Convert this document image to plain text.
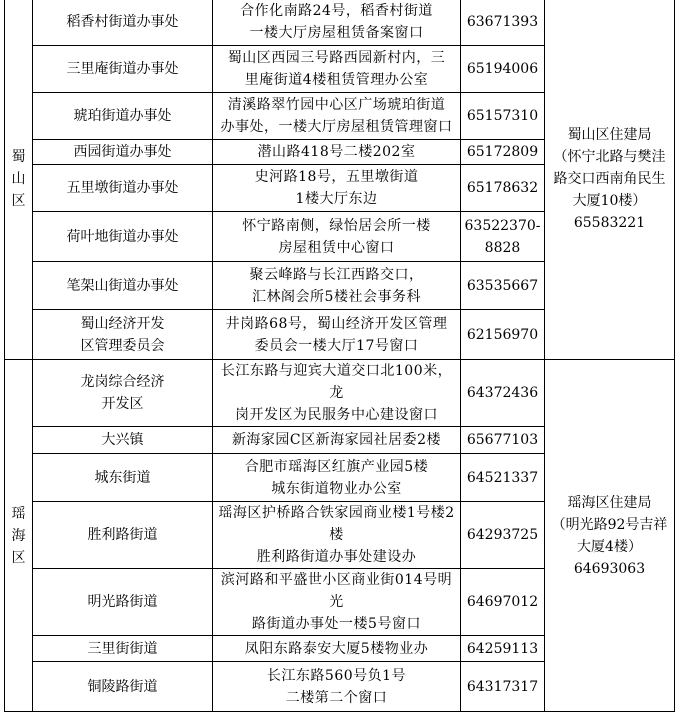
蜀
山
区	稻香村街道办事处	合作化南路24号，稻香村街道
一楼大厅房屋租赁备案窗口	63671393	蜀山区住建局
（怀宁北路与樊洼
路交口西南角民生
大厦10楼）
65583221

	三里庵街道办事处	蜀山区西园三号路西园新村内，三
里庵街道4楼租赁管理办公室	65194006	

	琥珀街道办事处	清溪路翠竹园中心区广场琥珀街道
办事处，一楼大厅房屋租赁管理窗口	65157310	

	西园街道办事处	潜山路418号二楼202室	65172809	

	五里墩街道办事处	史河路18号，五里墩街道
1楼大厅东边	65178632	

	荷叶地街道办事处	怀宁路南侧，绿怡居会所一楼
房屋租赁中心窗口	63522370-
8828	

	笔架山街道办事处	聚云峰路与长江西路交口，
汇林阁会所5楼社会事务科	63535667	

	蜀山经济开发
区管理委员会	井岗路68号，蜀山经济开发区管理
委员会一楼大厅17号窗口	62156970	

瑶
海
区	龙岗综合经济
开发区	长江东路与迎宾大道交口北100米，龙
岗开发区为民服务中心建设窗口	64372436	瑶海区住建局
（明光路92号吉祥
大厦4楼）
64693063

	大兴镇	新海家园C区新海家园社居委2楼	65677103	

	城东街道	合肥市瑶海区红旗产业园5楼
城东街道物业办公室	64521337	

	胜利路街道	瑶海区护桥路合铁家园商业楼1号楼2楼
胜利路街道办事处建设办	64293725	

	明光路街道	滨河路和平盛世小区商业街014号明光
路街道办事处一楼5号窗口	64697012	

	三里街街道	凤阳东路泰安大厦5楼物业办	64259113	

	铜陵路街道	长江东路560号负1号
二楼第二个窗口	64317317	
